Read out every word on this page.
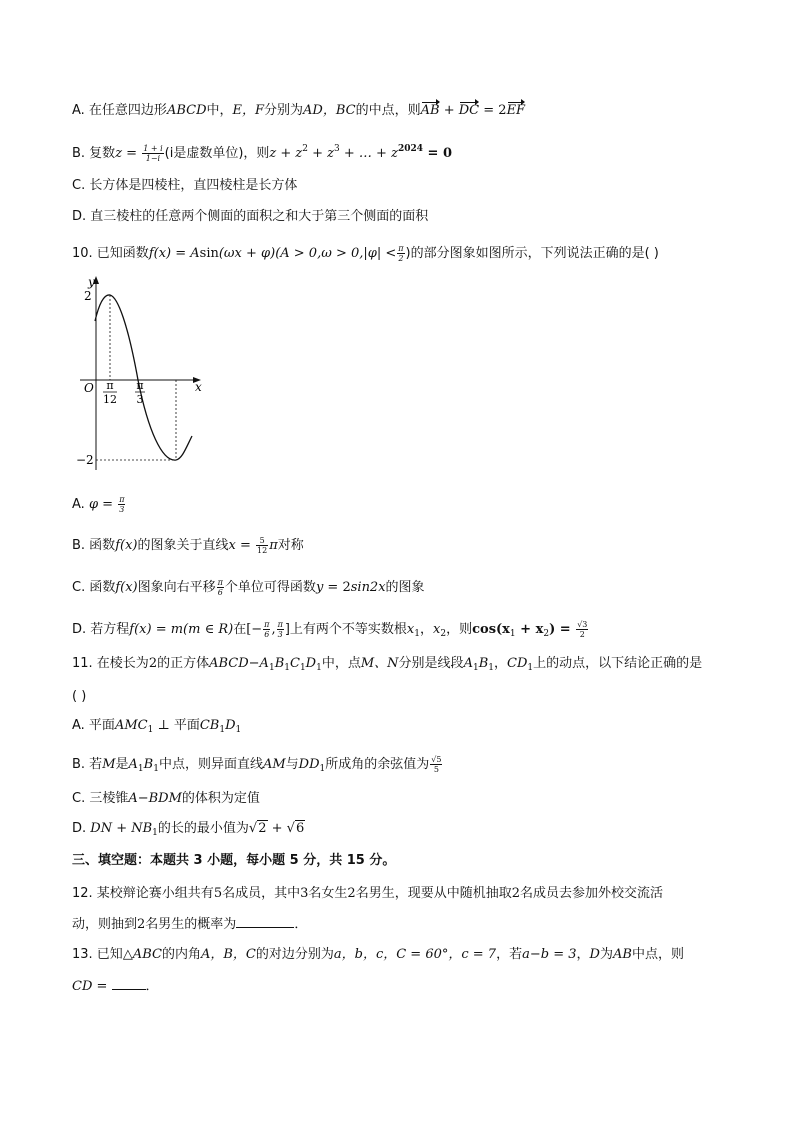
A. 在任意四边形ABCD中，E，F分别为AD，BC的中点，则AB + DC = 2EF
B. 复数$z = \frac{1 + i}{1-i} (i$是虚数单位)，则$z + z^2 + z^3$ + … + $z^{2024} = 0$
C. 长方体是四棱柱，直四棱柱是长方体
D. 直三棱柱的任意两个侧面的面积之和大于第三个侧面的面积
10. 已知函数$f(x) = Asin(\omega x + \varphi)(A > 0,\omega > 0,|\varphi| < \frac{\pi}{2}$ )的部分图象如图所示，下列说法正确的是( )
y
x
O
2
−2
π
12
π
3
A. $\varphi = \frac{\pi}{3}$
B. 函数f(x)的图象关于直线$x = \frac{5}{12}$ π对称
C. 函数f(x)图象向右平移 $\frac{\pi}{6}$ 个单位可得函数y = 2sin2x的图象
D. 若方程f(x) = m(m ∈ R)在[− $\frac{\pi}{6}$ , $\frac{\pi}{3}$ ]上有两个不等实数根$x_1$，$x_2$，则$\cos(x_1 + x_2) = \frac{√3}{2}$
11. 在棱长为2的正方体$ABCD-A_1B_1C_1D_1$中，点M、N分别是线段$A_1B_1$，$CD_1$上的动点，以下结论正确的是
( )
A. 平面$AMC_1$ ⊥ 平面$CB_1D_1$
B. 若M是$A_1B_1$中点，则异面直线AM与$DD_1$所成角的余弦值为 $\frac{√5}{5}$
C. 三棱锥A−BDM的体积为定值
D. DN + $NB_1$的长的最小值为√2 + √6
三、填空题：本题共 3 小题，每小题 5 分，共 15 分。
12. 某校辩论赛小组共有5名成员，其中3名女生2名男生，现要从中随机抽取2名成员去参加外校交流活
动，则抽到2名男生的概率为	．
13. 已知△ABC的内角A，B，C的对边分别为a，b，c，C = 60°，c = 7，若a−b = 3，D为AB中点，则
CD =	．
